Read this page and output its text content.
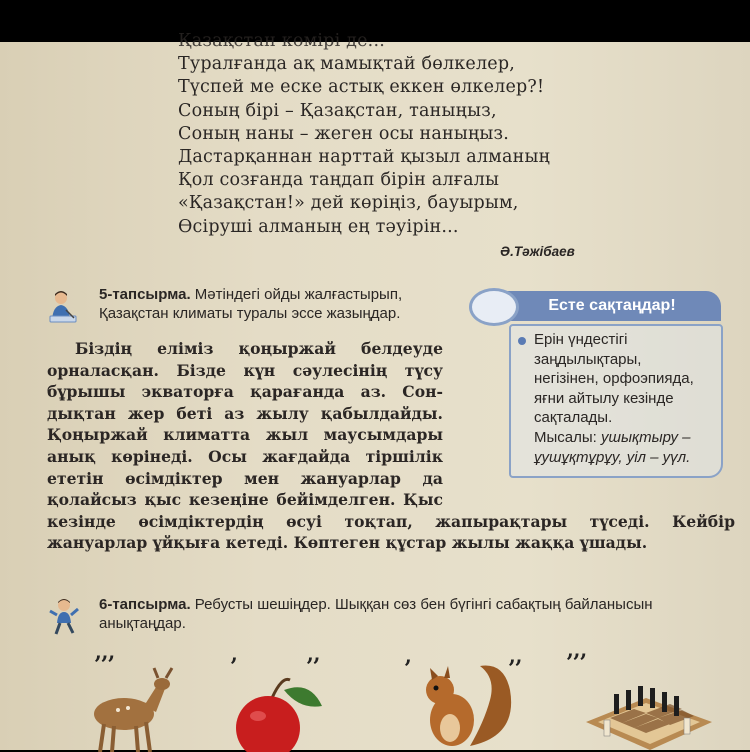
Қазақстан көмірі де...
Туралғанда ақ мамықтай бөлкелер,
Түспей ме еске астық еккен өлкелер?!
Соның бірі – Қазақстан, таныңыз,
Соның наны – жеген осы наныңыз.
Дастарқаннан нарттай қызыл алманың
Қол созғанда таңдап бірін алғалы
«Қазақстан!» дей көріңіз, бауырым,
Өсіруші алманың ең тәуірін...
Ә.Тәжібаев
5-тапсырма. Мәтіндегі ойды жалғастырып,
Қазақстан климаты туралы эссе жазыңдар.	Есте сақтаңдар!
Ерін үндестігі
заңдылықтары,
негізінен, орфоэпияда,
яғни айтылу кезінде
сақталады.
Мысалы: ушықтыру –
ұушұқтұрұу, уіл – уүл.
Біздің еліміз қоңыржай белдеуде
орналасқан. Бізде күн сәулесінің түсу
бұрышы экваторға қарағанда аз. Сон-
дықтан жер беті аз жылу қабылдайды.
Қоңыржай климатта жыл маусымдары
анық көрінеді. Осы жағдайда тіршілік
ететін өсімдіктер мен жануарлар да
қолайсыз қыс кезеңіне бейімделген. Қыс
кезінде өсімдіктердің өсуі тоқтап, жапырақтары түседі. Кейбір
жануарлар ұйқыға кетеді. Көптеген құстар жылы жаққа ұшады.
6-тапсырма. Ребусты шешіңдер. Шыққан сөз бен бүгінгі сабақтың байланысын
анықтаңдар.
’’’	’	’’	’	’’ ’’’
